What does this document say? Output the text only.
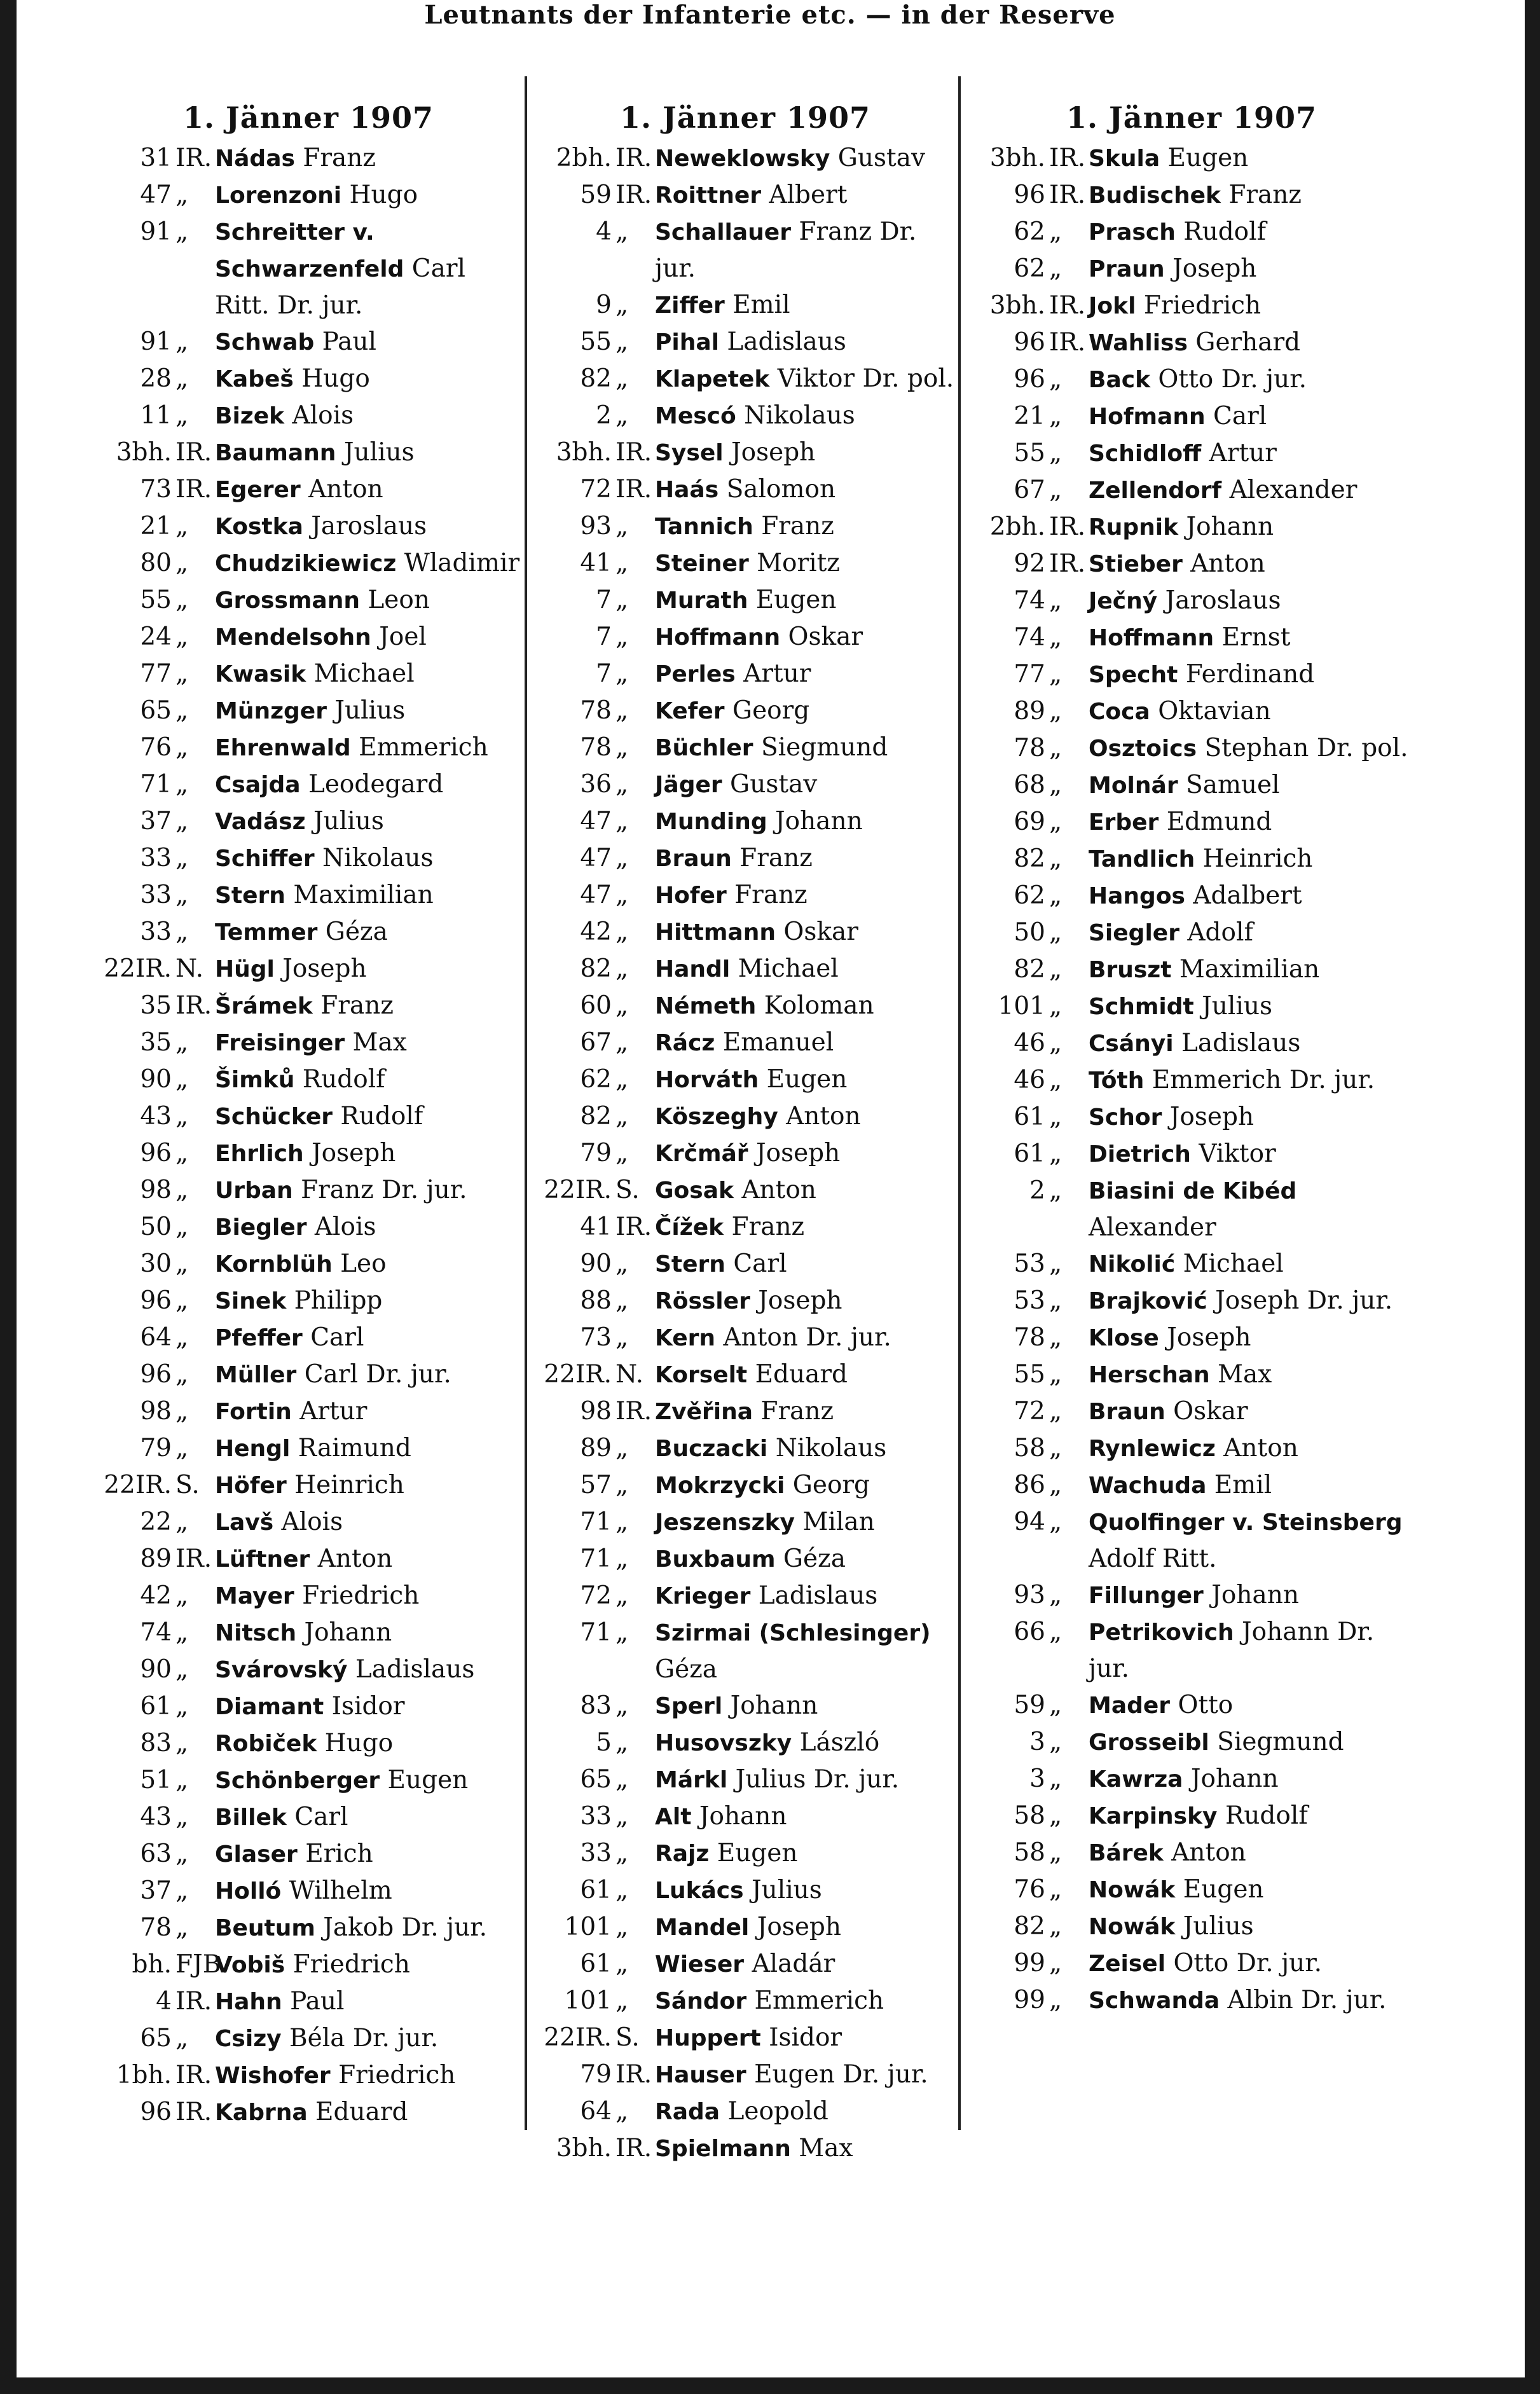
Leutnants der Infanterie etc. — in der Reserve
1. Jänner 1907
31 IR. Nádas Franz
47 „ Lorenzoni Hugo
91 „ Schreitter v. Schwarzenfeld Carl Ritt. Dr. jur.
91 „ Schwab Paul
28 „ Kabeš Hugo
11 „ Bizek Alois
3bh. IR. Baumann Julius
73 IR. Egerer Anton
21 „ Kostka Jaroslaus
80 „ Chudzikiewicz Wladimir
55 „ Grossmann Leon
24 „ Mendelsohn Joel
77 „ Kwasik Michael
65 „ Münzger Julius
76 „ Ehrenwald Emmerich
71 „ Csajda Leodegard
37 „ Vadász Julius
33 „ Schiffer Nikolaus
33 „ Stern Maximilian
33 „ Temmer Géza
22IR. N. Hügl Joseph
35 IR. Šrámek Franz
35 „ Freisinger Max
90 „ Šimků Rudolf
43 „ Schücker Rudolf
96 „ Ehrlich Joseph
98 „ Urban Franz Dr. jur.
50 „ Biegler Alois
30 „ Kornblüh Leo
96 „ Sinek Philipp
64 „ Pfeffer Carl
96 „ Müller Carl Dr. jur.
98 „ Fortin Artur
79 „ Hengl Raimund
22IR. S. Höfer Heinrich
22 „ Lavš Alois
89 IR. Lüftner Anton
42 „ Mayer Friedrich
74 „ Nitsch Johann
90 „ Svárovský Ladislaus
61 „ Diamant Isidor
83 „ Robiček Hugo
51 „ Schönberger Eugen
43 „ Billek Carl
63 „ Glaser Erich
37 „ Holló Wilhelm
78 „ Beutum Jakob Dr. jur.
bh. FJB.
Vobiš Friedrich
4 IR. Hahn Paul
65 „ Csizy Béla Dr. jur.
1bh. IR. Wishofer Friedrich
96 IR. Kabrna Eduard
1. Jänner 1907
2bh. IR. Neweklowsky Gustav
59 IR. Roittner Albert
4 „ Schallauer Franz Dr. jur.
9 „ Ziffer Emil
55 „ Pihal Ladislaus
82 „ Klapetek Viktor Dr. pol.
2 „ Mescó Nikolaus
3bh. IR. Sysel Joseph
72 IR. Haás Salomon
93 „ Tannich Franz
41 „ Steiner Moritz
7 „ Murath Eugen
7 „ Hoffmann Oskar
7 „ Perles Artur
78 „ Kefer Georg
78 „ Büchler Siegmund
36 „ Jäger Gustav
47 „ Munding Johann
47 „ Braun Franz
47 „ Hofer Franz
42 „ Hittmann Oskar
82 „ Handl Michael
60 „ Németh Koloman
67 „ Rácz Emanuel
62 „ Horváth Eugen
82 „ Köszeghy Anton
79 „ Krčmář Joseph
22IR. S. Gosak Anton
41 IR. Čížek Franz
90 „ Stern Carl
88 „ Rössler Joseph
73 „ Kern Anton Dr. jur.
22IR. N. Korselt Eduard
98 IR. Zvěřina Franz
89 „ Buczacki Nikolaus
57 „ Mokrzycki Georg
71 „ Jeszenszky Milan
71 „ Buxbaum Géza
72 „ Krieger Ladislaus
71 „ Szirmai (Schlesinger) Géza
83 „ Sperl Johann
5 „ Husovszky László
65 „ Márkl Julius Dr. jur.
33 „ Alt Johann
33 „ Rajz Eugen
61 „ Lukács Julius
101 „ Mandel Joseph
61 „ Wieser Aladár
101 „ Sándor Emmerich
22IR. S. Huppert Isidor
79 IR. Hauser Eugen Dr. jur.
64 „ Rada Leopold
3bh. IR. Spielmann Max
1. Jänner 1907
3bh. IR. Skula Eugen
96 IR. Budischek Franz
62 „ Prasch Rudolf
62 „ Praun Joseph
3bh. IR. Jokl Friedrich
96 IR. Wahliss Gerhard
96 „ Back Otto Dr. jur.
21 „ Hofmann Carl
55 „ Schidloff Artur
67 „ Zellendorf Alexander
2bh. IR. Rupnik Johann
92 IR. Stieber Anton
74 „ Ječný Jaroslaus
74 „ Hoffmann Ernst
77 „ Specht Ferdinand
89 „ Coca Oktavian
78 „ Osztoics Stephan Dr. pol.
68 „ Molnár Samuel
69 „ Erber Edmund
82 „ Tandlich Heinrich
62 „ Hangos Adalbert
50 „ Siegler Adolf
82 „ Bruszt Maximilian
101 „ Schmidt Julius
46 „ Csányi Ladislaus
46 „ Tóth Emmerich Dr. jur.
61 „ Schor Joseph
61 „ Dietrich Viktor
2 „ Biasini de Kibéd Alexander
53 „ Nikolić Michael
53 „ Brajković Joseph Dr. jur.
78 „ Klose Joseph
55 „ Herschan Max
72 „ Braun Oskar
58 „ Rynlewicz Anton
86 „ Wachuda Emil
94 „ Quolfinger v. Steinsberg Adolf Ritt.
93 „ Fillunger Johann
66 „ Petrikovich Johann Dr. jur.
59 „ Mader Otto
3 „ Grosseibl Siegmund
3 „ Kawrza Johann
58 „ Karpinsky Rudolf
58 „ Bárek Anton
76 „ Nowák Eugen
82 „ Nowák Julius
99 „ Zeisel Otto Dr. jur.
99 „ Schwanda Albin Dr. jur.
